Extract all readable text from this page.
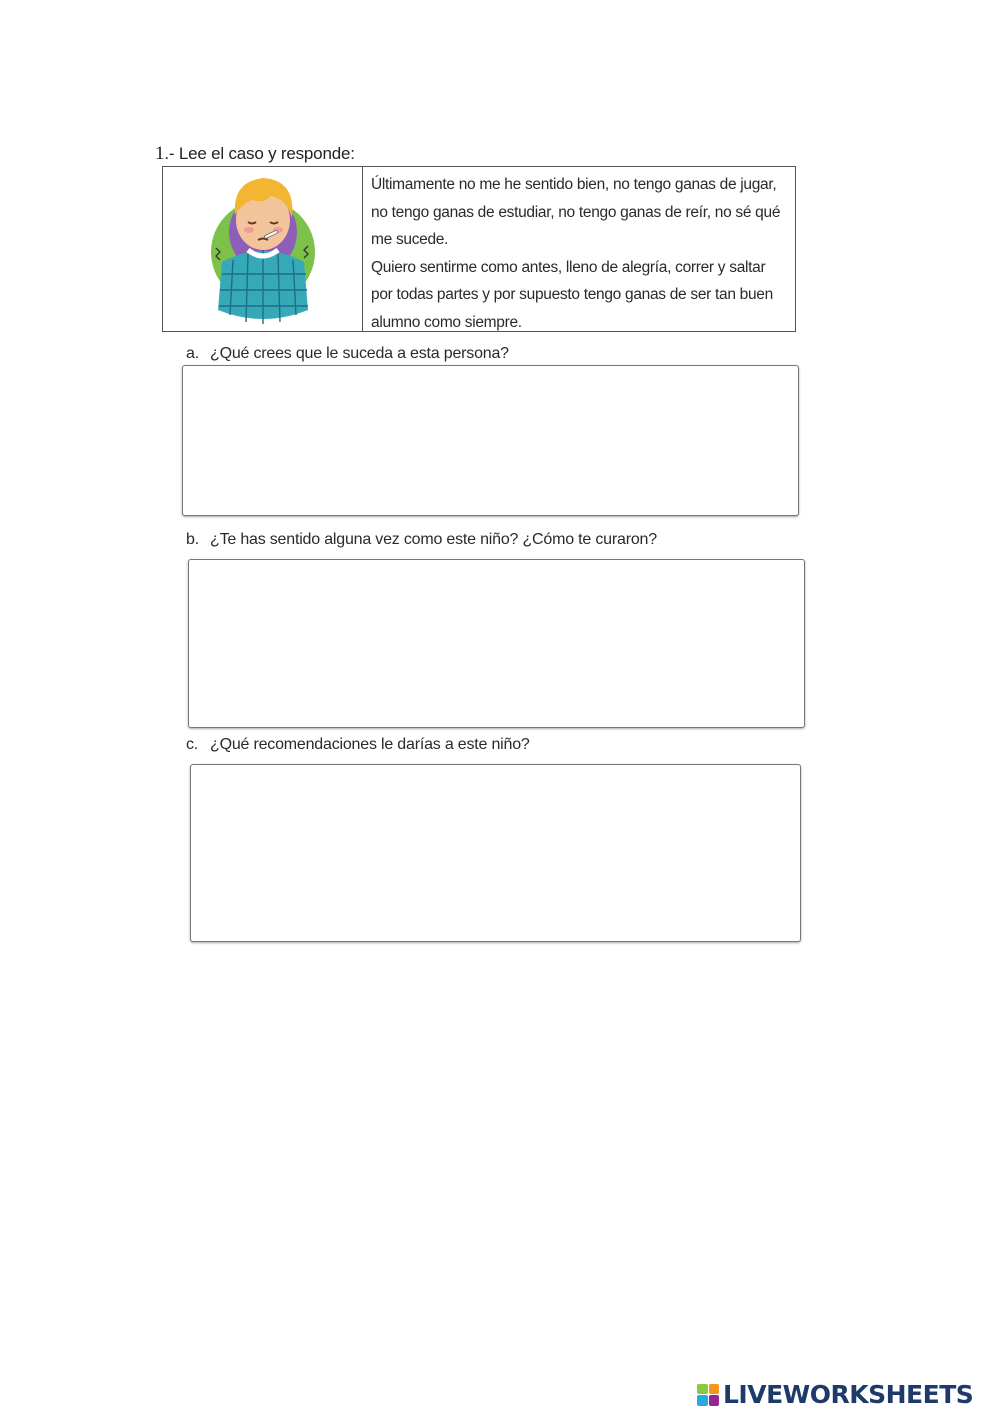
1.- Lee el caso y responde:

Últimamente no me he sentido bien, no tengo ganas de jugar, no tengo ganas de estudiar, no tengo ganas de reír, no sé qué me sucede.

Quiero sentirme como antes, lleno de alegría, correr y saltar por todas partes y por supuesto tengo ganas de ser tan buen alumno como siempre.

a. ¿Qué crees que le suceda a esta persona?
b. ¿Te has sentido alguna vez como este niño? ¿Cómo te curaron?
c. ¿Qué recomendaciones le darías a este niño?
LIVEWORKSHEETS
